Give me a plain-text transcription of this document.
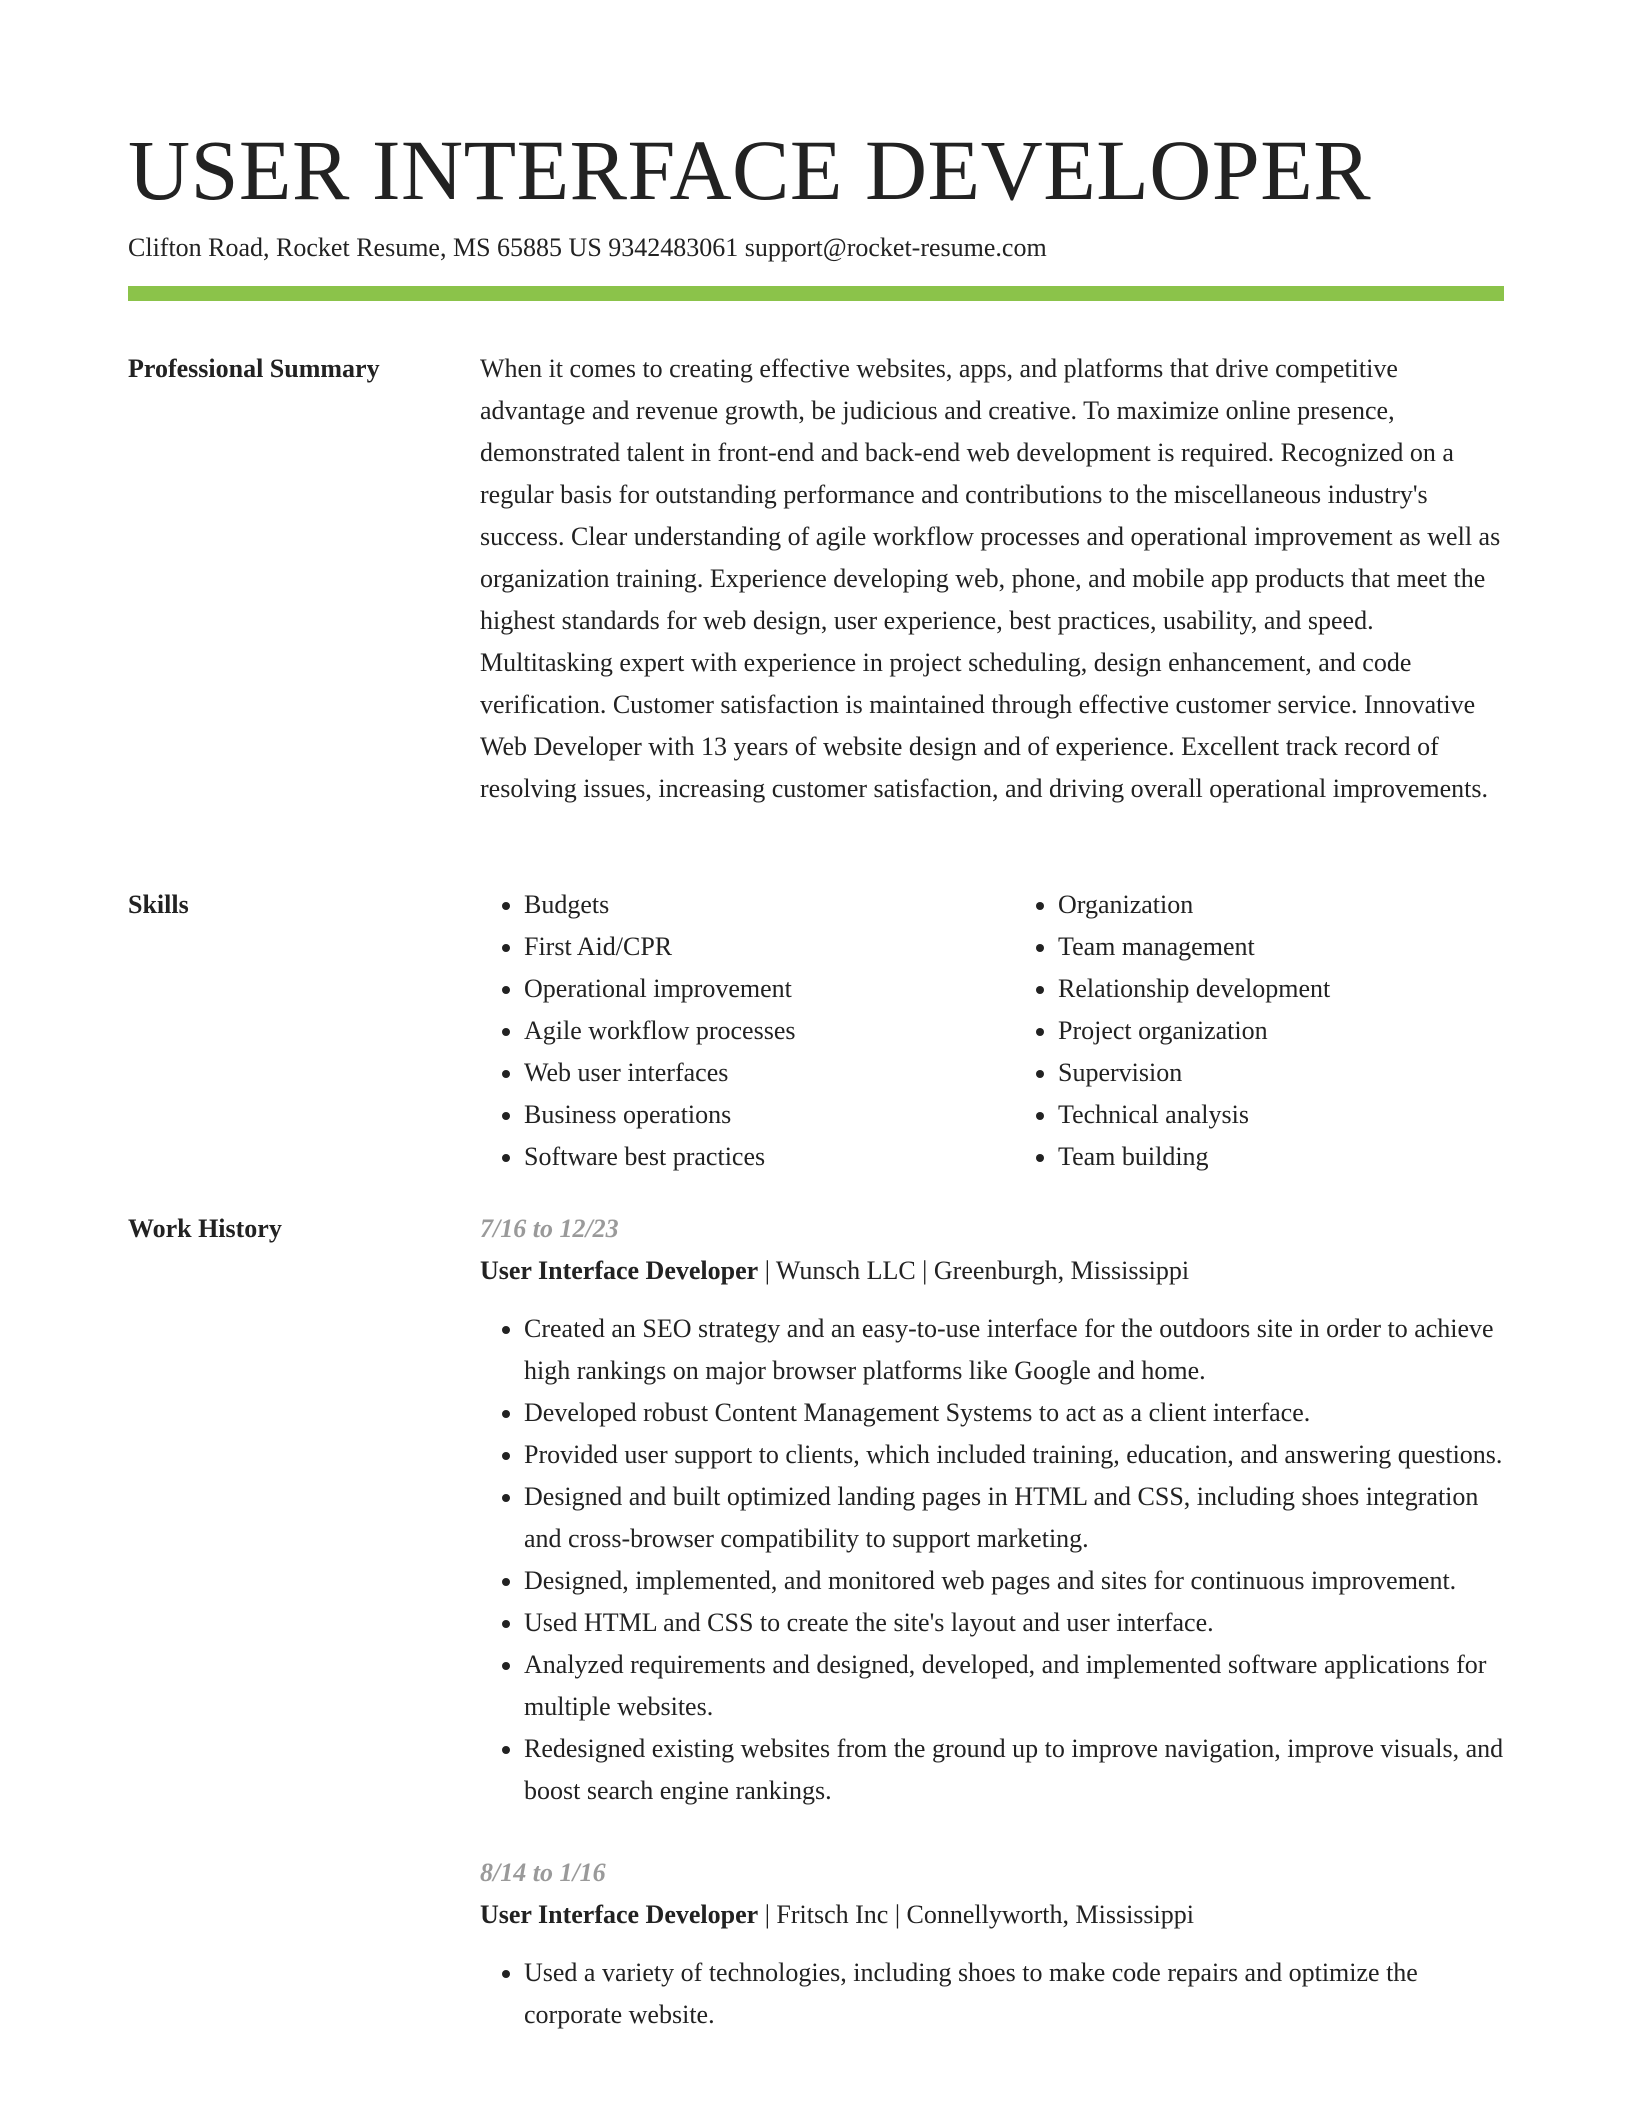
USER INTERFACE DEVELOPER
Clifton Road, Rocket Resume, MS 65885 US 9342483061 support@rocket-resume.com
Professional Summary	When it comes to creating effective websites, apps, and platforms that drive competitive advantage and revenue growth, be judicious and creative. To maximize online presence, demonstrated talent in front-end and back-end web development is required. Recognized on a regular basis for outstanding performance and contributions to the miscellaneous industry's success. Clear understanding of agile workflow processes and operational improvement as well as organization training. Experience developing web, phone, and mobile app products that meet the highest standards for web design, user experience, best practices, usability, and speed. Multitasking expert with experience in project scheduling, design enhancement, and code verification. Customer satisfaction is maintained through effective customer service. Innovative Web Developer with 13 years of website design and of experience. Excellent track record of resolving issues, increasing customer satisfaction, and driving overall operational improvements.

Skills
•	Budgets
• First Aid/CPR
• Operational improvement
• Agile workflow processes
• Web user interfaces
• Business operations
• Software best practices
• Organization
• Team management
• Relationship development
• Project organization
• Supervision
• Technical analysis
• Team building
Work History	7/16 to 12/23
User Interface Developer | Wunsch LLC | Greenburgh, Mississippi
• Created an SEO strategy and an easy-to-use interface for the outdoors site in order to achieve high rankings on major browser platforms like Google and home.
• Developed robust Content Management Systems to act as a client interface.
• Provided user support to clients, which included training, education, and answering questions.
• Designed and built optimized landing pages in HTML and CSS, including shoes integration and cross-browser compatibility to support marketing.
• Designed, implemented, and monitored web pages and sites for continuous improvement.
• Used HTML and CSS to create the site's layout and user interface.
• Analyzed requirements and designed, developed, and implemented software applications for multiple websites.
• Redesigned existing websites from the ground up to improve navigation, improve visuals, and boost search engine rankings.
8/14 to 1/16
User Interface Developer | Fritsch Inc | Connellyworth, Mississippi
• Used a variety of technologies, including shoes to make code repairs and optimize the corporate website.
